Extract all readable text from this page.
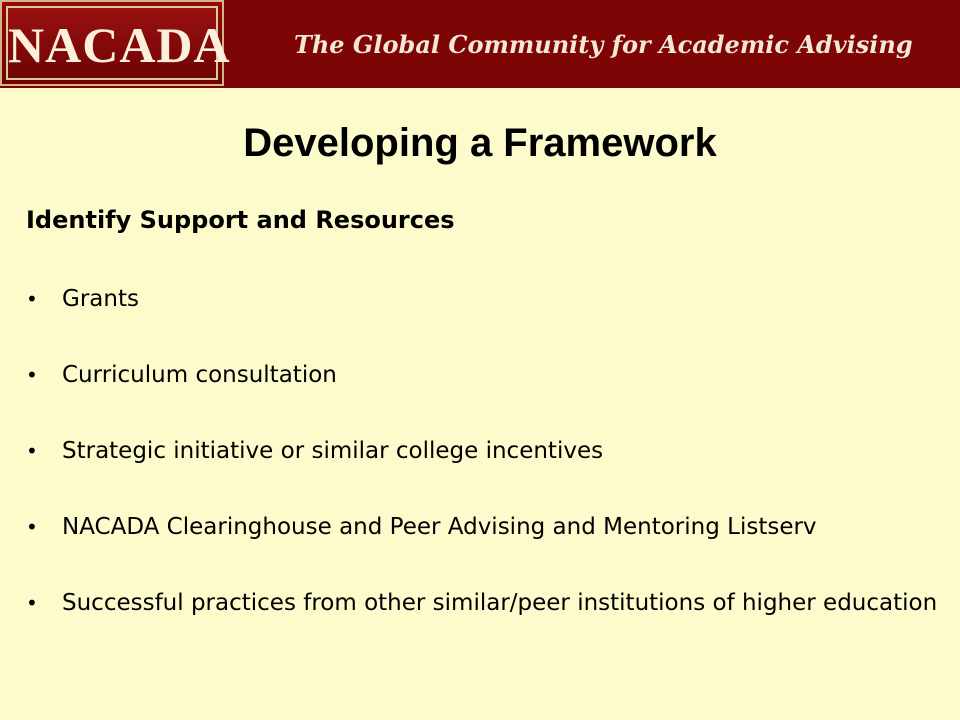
NACADA	The Global Community for Academic Advising
Developing a Framework
Identify Support and Resources
•	Grants
•	Curriculum consultation
•	Strategic initiative or similar college incentives
•	NACADA Clearinghouse and Peer Advising and Mentoring Listserv
•	Successful practices from other similar/peer institutions of higher education
